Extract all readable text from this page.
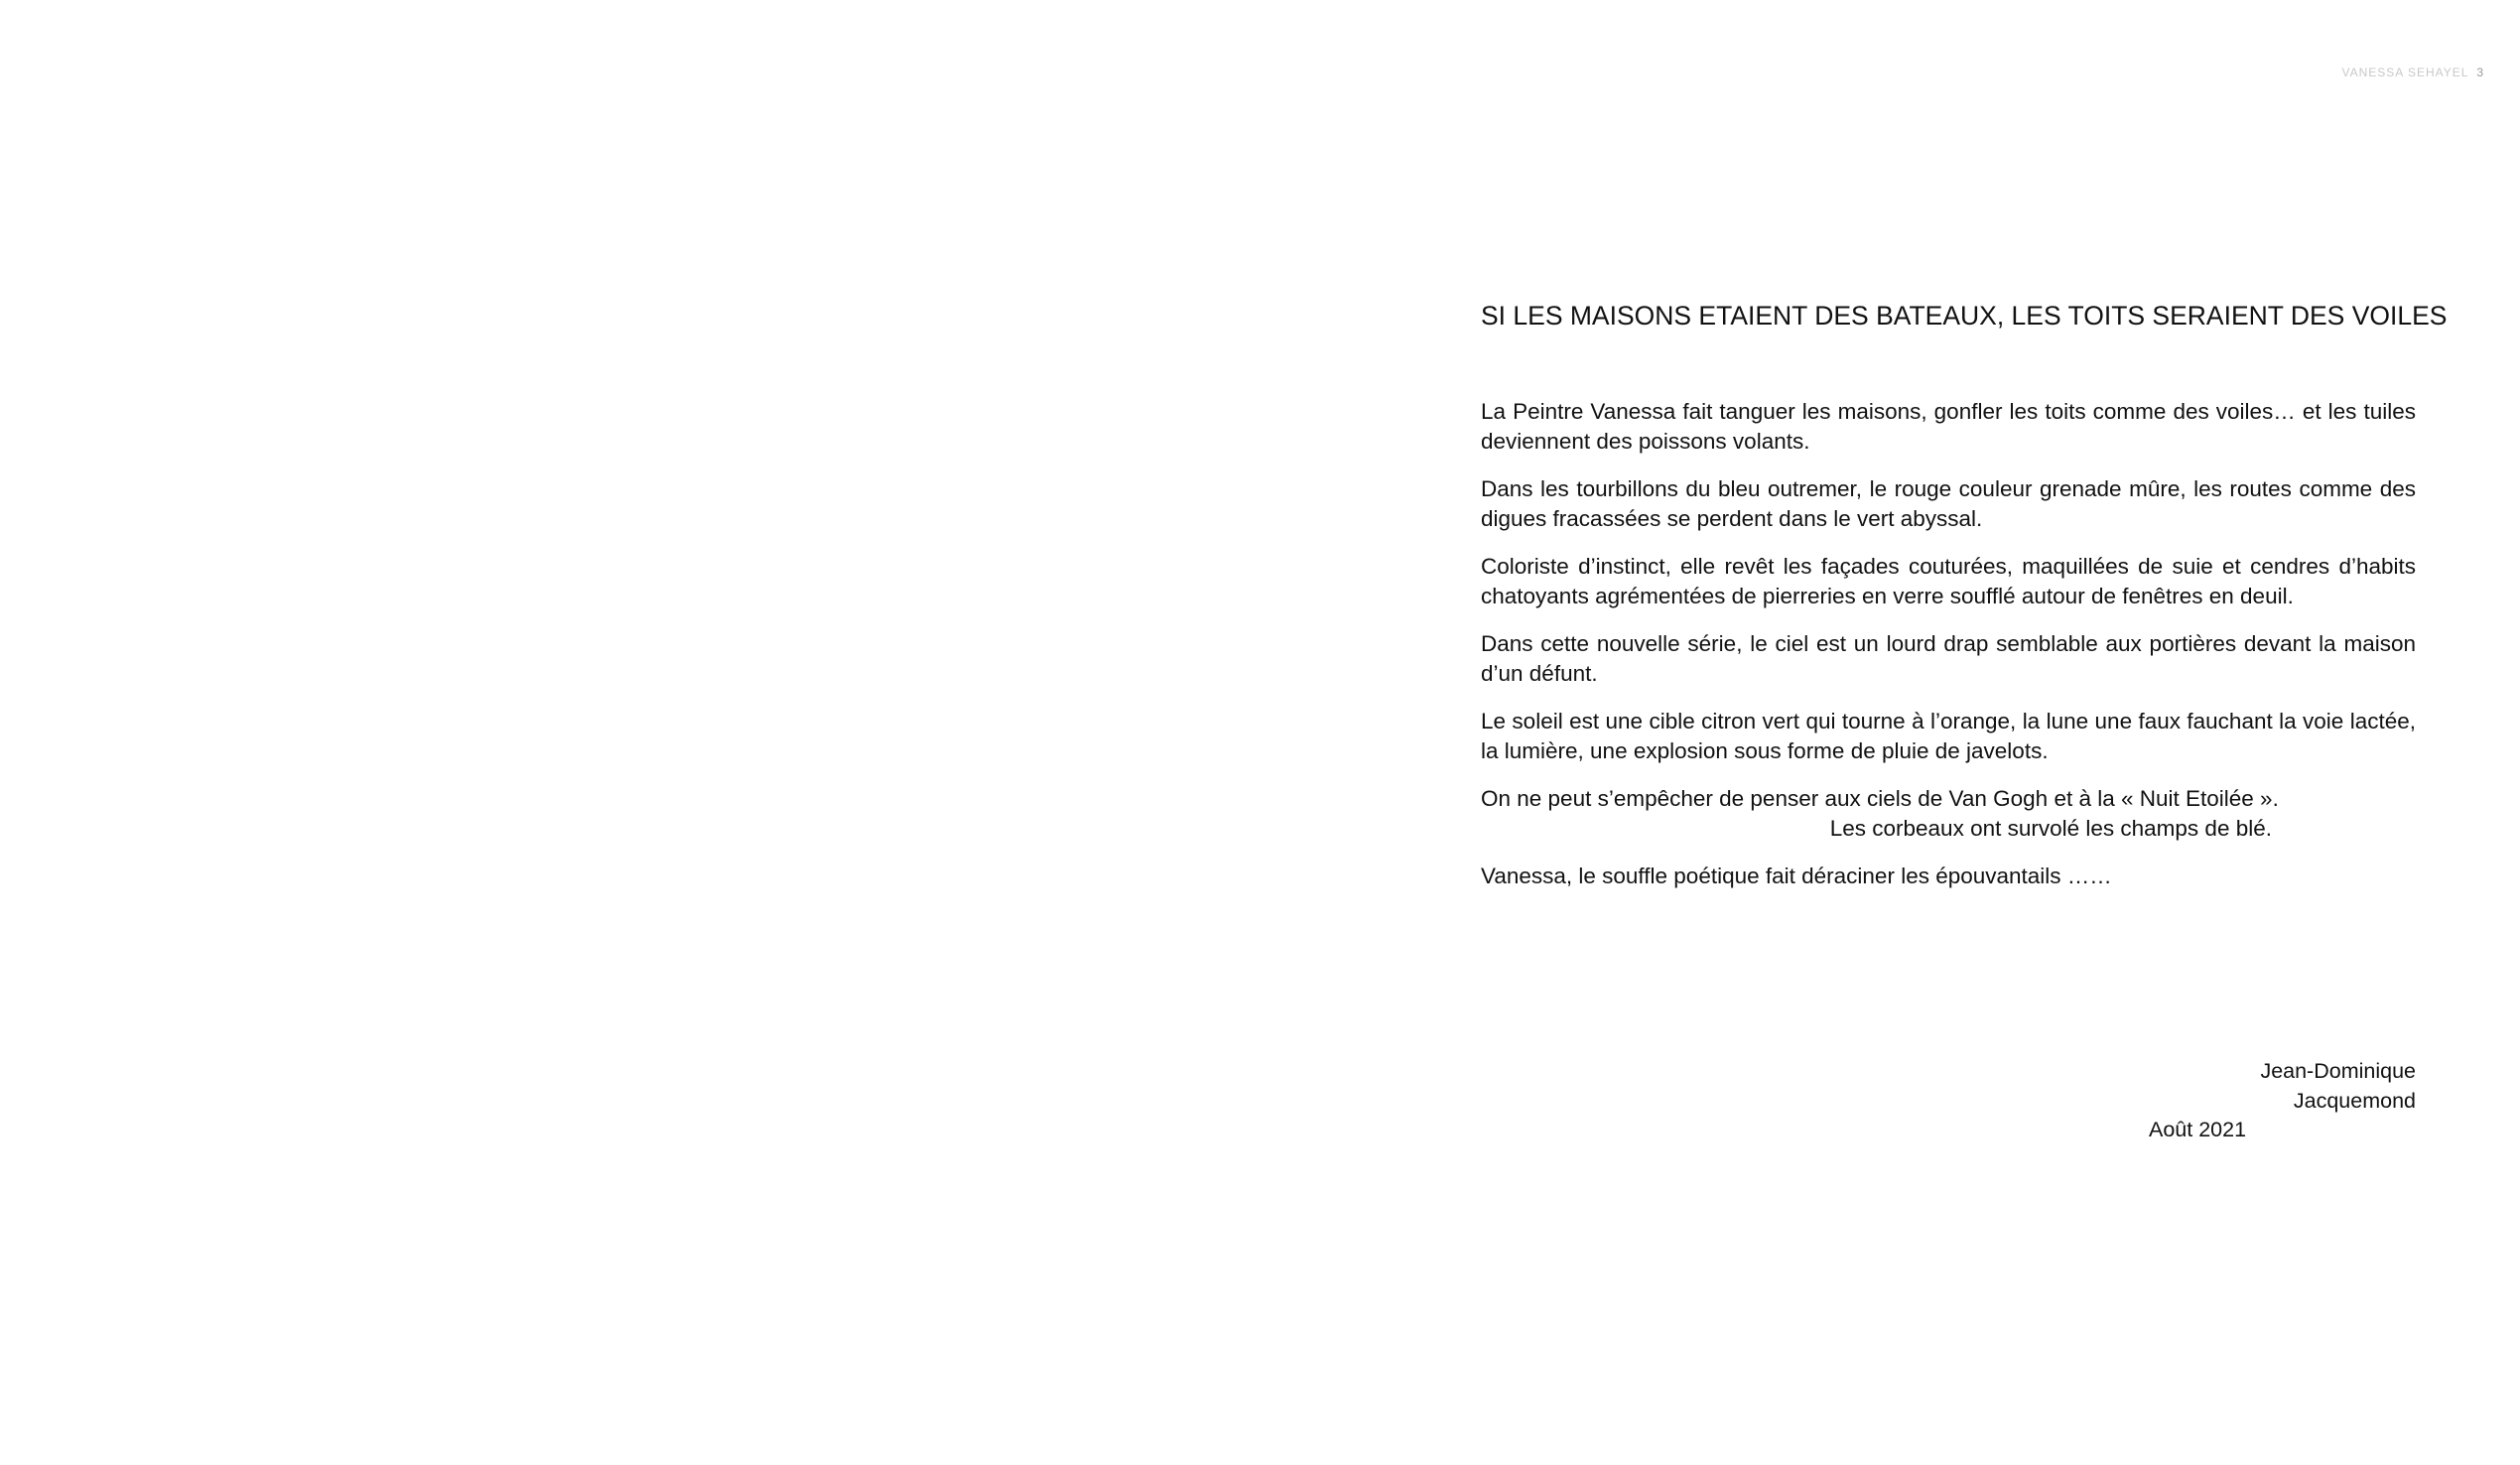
VANESSA SEHAYEL 3
SI LES MAISONS ETAIENT DES BATEAUX, LES TOITS SERAIENT DES VOILES

La Peintre Vanessa fait tanguer les maisons, gonfler les toits comme des voiles… et les tuiles deviennent des poissons volants.

Dans les tourbillons du bleu outremer, le rouge couleur grenade mûre, les routes comme des digues fracassées se perdent dans le vert abyssal.

Coloriste d’instinct, elle revêt les façades couturées, maquillées de suie et cendres d’habits chatoyants agrémentées de pierreries en verre soufflé autour de fenêtres en deuil.

Dans cette nouvelle série, le ciel est un lourd drap semblable aux portières devant la maison d’un défunt.

Le soleil est une cible citron vert qui tourne à l’orange, la lune une faux fauchant la voie lactée, la lumière, une explosion sous forme de pluie de javelots.

On ne peut s’empêcher de penser aux ciels de Van Gogh et à la « Nuit Etoilée ».
Les corbeaux ont survolé les champs de blé.

Vanessa, le souffle poétique fait déraciner les épouvantails ……

Jean-Dominique Jacquemond
Août 2021
